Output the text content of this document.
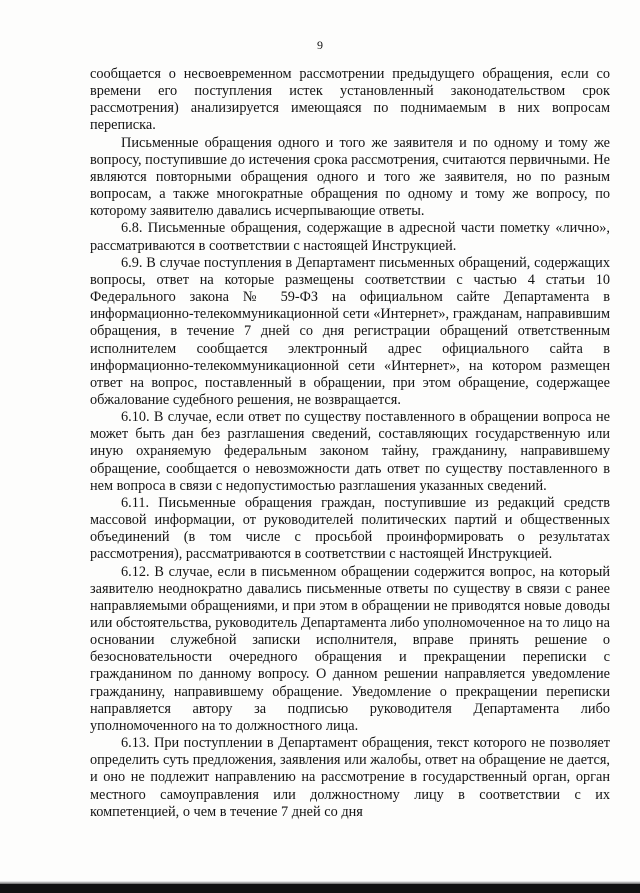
9

сообщается о несвоевременном рассмотрении предыдущего обращения, если со времени его поступления истек установленный законодательством срок рассмотрения) анализируется имеющаяся по поднимаемым в них вопросам переписка.

Письменные обращения одного и того же заявителя и по одному и тому же вопросу, поступившие до истечения срока рассмотрения, считаются первичными. Не являются повторными обращения одного и того же заявителя, но по разным вопросам, а также многократные обращения по одному и тому же вопросу, по которому заявителю давались исчерпывающие ответы.

6.8. Письменные обращения, содержащие в адресной части пометку «лично», рассматриваются в соответствии с настоящей Инструкцией.

6.9. В случае поступления в Департамент письменных обращений, содержащих вопросы, ответ на которые размещены соответствии с частью 4 статьи 10 Федерального закона № 59-ФЗ на официальном сайте Департамента в информационно-телекоммуникационной сети «Интернет», гражданам, направившим обращения, в течение 7 дней со дня регистрации обращений ответственным исполнителем сообщается электронный адрес официального сайта в информационно-телекоммуникационной сети «Интернет», на котором размещен ответ на вопрос, поставленный в обращении, при этом обращение, содержащее обжалование судебного решения, не возвращается.

6.10. В случае, если ответ по существу поставленного в обращении вопроса не может быть дан без разглашения сведений, составляющих государственную или иную охраняемую федеральным законом тайну, гражданину, направившему обращение, сообщается о невозможности дать ответ по существу поставленного в нем вопроса в связи с недопустимостью разглашения указанных сведений.

6.11. Письменные обращения граждан, поступившие из редакций средств массовой информации, от руководителей политических партий и общественных объединений (в том числе с просьбой проинформировать о результатах рассмотрения), рассматриваются в соответствии с настоящей Инструкцией.

6.12. В случае, если в письменном обращении содержится вопрос, на который заявителю неоднократно давались письменные ответы по существу в связи с ранее направляемыми обращениями, и при этом в обращении не приводятся новые доводы или обстоятельства, руководитель Департамента либо уполномоченное на то лицо на основании служебной записки исполнителя, вправе принять решение о безосновательности очередного обращения и прекращении переписки с гражданином по данному вопросу. О данном решении направляется уведомление гражданину, направившему обращение. Уведомление о прекращении переписки направляется автору за подписью руководителя Департамента либо уполномоченного на то должностного лица.

6.13. При поступлении в Департамент обращения, текст которого не позволяет определить суть предложения, заявления или жалобы, ответ на обращение не дается, и оно не подлежит направлению на рассмотрение в государственный орган, орган местного самоуправления или должностному лицу в соответствии с их компетенцией, о чем в течение 7 дней со дня
